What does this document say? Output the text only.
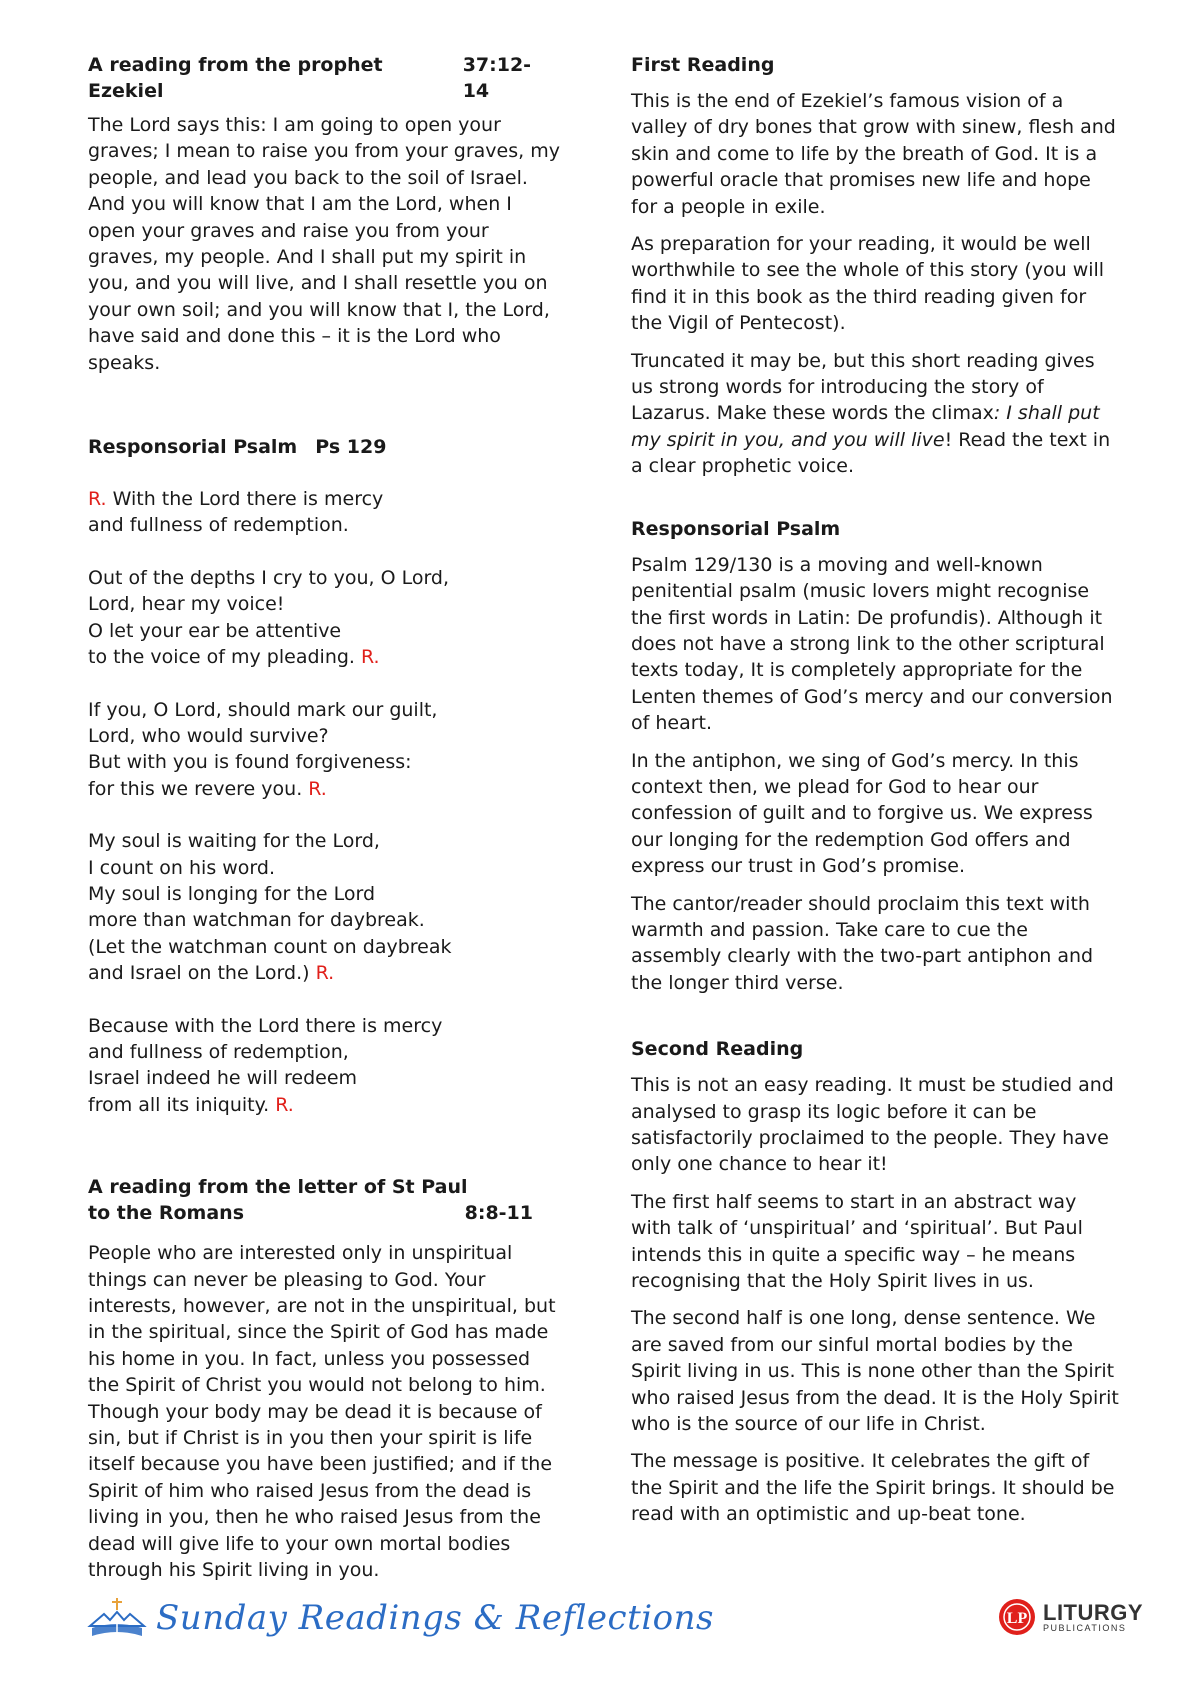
A reading from the prophet Ezekiel
37:12-14

The Lord says this: I am going to open your graves; I mean to raise you from your graves, my people, and lead you back to the soil of Israel. And you will know that I am the Lord, when I open your graves and raise you from your graves, my people. And I shall put my spirit in you, and you will live, and I shall resettle you on your own soil; and you will know that I, the Lord, have said and done this – it is the Lord who speaks.

Responsorial Psalm Ps 129
R. With the Lord there is mercy
and fullness of redemption.
Out of the depths I cry to you, O Lord,
Lord, hear my voice!
O let your ear be attentive
to the voice of my pleading. R.
If you, O Lord, should mark our guilt,
Lord, who would survive?
But with you is found forgiveness:
for this we revere you. R.
My soul is waiting for the Lord,
I count on his word.
My soul is longing for the Lord
more than watchman for daybreak.
(Let the watchman count on daybreak
and Israel on the Lord.) R.
Because with the Lord there is mercy
and fullness of redemption,
Israel indeed he will redeem
from all its iniquity. R.
A reading from the letter of St Paul
to the Romans	8:8-11

People who are interested only in unspiritual things can never be pleasing to God. Your interests, however, are not in the unspiritual, but in the spiritual, since the Spirit of God has made his home in you. In fact, unless you possessed the Spirit of Christ you would not belong to him. Though your body may be dead it is because of sin, but if Christ is in you then your spirit is life itself because you have been justified; and if the Spirit of him who raised Jesus from the dead is living in you, then he who raised Jesus from the dead will give life to your own mortal bodies through his Spirit living in you.

First Reading

This is the end of Ezekiel’s famous vision of a valley of dry bones that grow with sinew, flesh and skin and come to life by the breath of God. It is a powerful oracle that promises new life and hope for a people in exile.

As preparation for your reading, it would be well worthwhile to see the whole of this story (you will find it in this book as the third reading given for the Vigil of Pentecost).

Truncated it may be, but this short reading gives us strong words for introducing the story of Lazarus. Make these words the climax: I shall put my spirit in you, and you will live! Read the text in a clear prophetic voice.

Responsorial Psalm

Psalm 129/130 is a moving and well-known penitential psalm (music lovers might recognise the first words in Latin: De profundis). Although it does not have a strong link to the other scriptural texts today, It is completely appropriate for the Lenten themes of God’s mercy and our conversion of heart.

In the antiphon, we sing of God’s mercy. In this context then, we plead for God to hear our confession of guilt and to forgive us. We express our longing for the redemption God offers and express our trust in God’s promise.

The cantor/reader should proclaim this text with warmth and passion. Take care to cue the assembly clearly with the two-part antiphon and the longer third verse.

Second Reading

This is not an easy reading. It must be studied and analysed to grasp its logic before it can be satisfactorily proclaimed to the people. They have only one chance to hear it!

The first half seems to start in an abstract way with talk of ‘unspiritual’ and ‘spiritual’. But Paul intends this in quite a specific way – he means recognising that the Holy Spirit lives in us.

The second half is one long, dense sentence. We are saved from our sinful mortal bodies by the Spirit living in us. This is none other than the Spirit who raised Jesus from the dead. It is the Holy Spirit who is the source of our life in Christ.

The message is positive. It celebrates the gift of the Spirit and the life the Spirit brings. It should be read with an optimistic and up-beat tone.

Sunday Readings & Reflections	LP LITURGY
PUBLICATIONS
